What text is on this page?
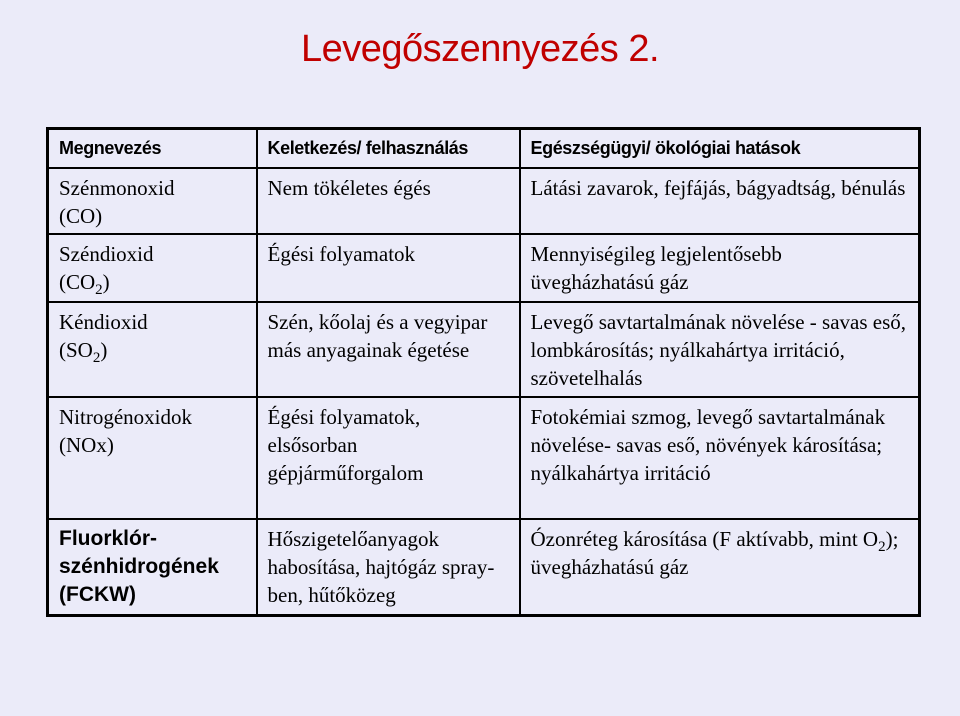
Levegőszennyezés 2.
Megnevezés	Keletkezés/ felhasználás	Egészségügyi/ ökológiai hatások

Szénmonoxid
(CO)	Nem tökéletes égés	Látási zavarok, fejfájás, bágyadtság, bénulás

Széndioxid
$(CO_2)$	Égési folyamatok	Mennyiségileg legjelentősebb üvegházhatású gáz

Kéndioxid
$(SO_2)$	Szén, kőolaj és a vegyipar más anyagainak égetése	Levegő savtartalmának növelése - savas eső, lombkárosítás; nyálkahártya irritáció, szövetelhalás

Nitrogénoxidok
(NOx)	Égési folyamatok, elsősorban gépjárműforgalom	Fotokémiai szmog, levegő savtartalmának növelése- savas eső, növények károsítása; nyálkahártya irritáció

Fluorklór-
szénhidrogének
(FCKW)	Hőszigetelőanyagok habosítása, hajtógáz spray-ben, hűtőközeg	Ózonréteg károsítása (F aktívabb, mint $O_2$); üvegházhatású gáz
